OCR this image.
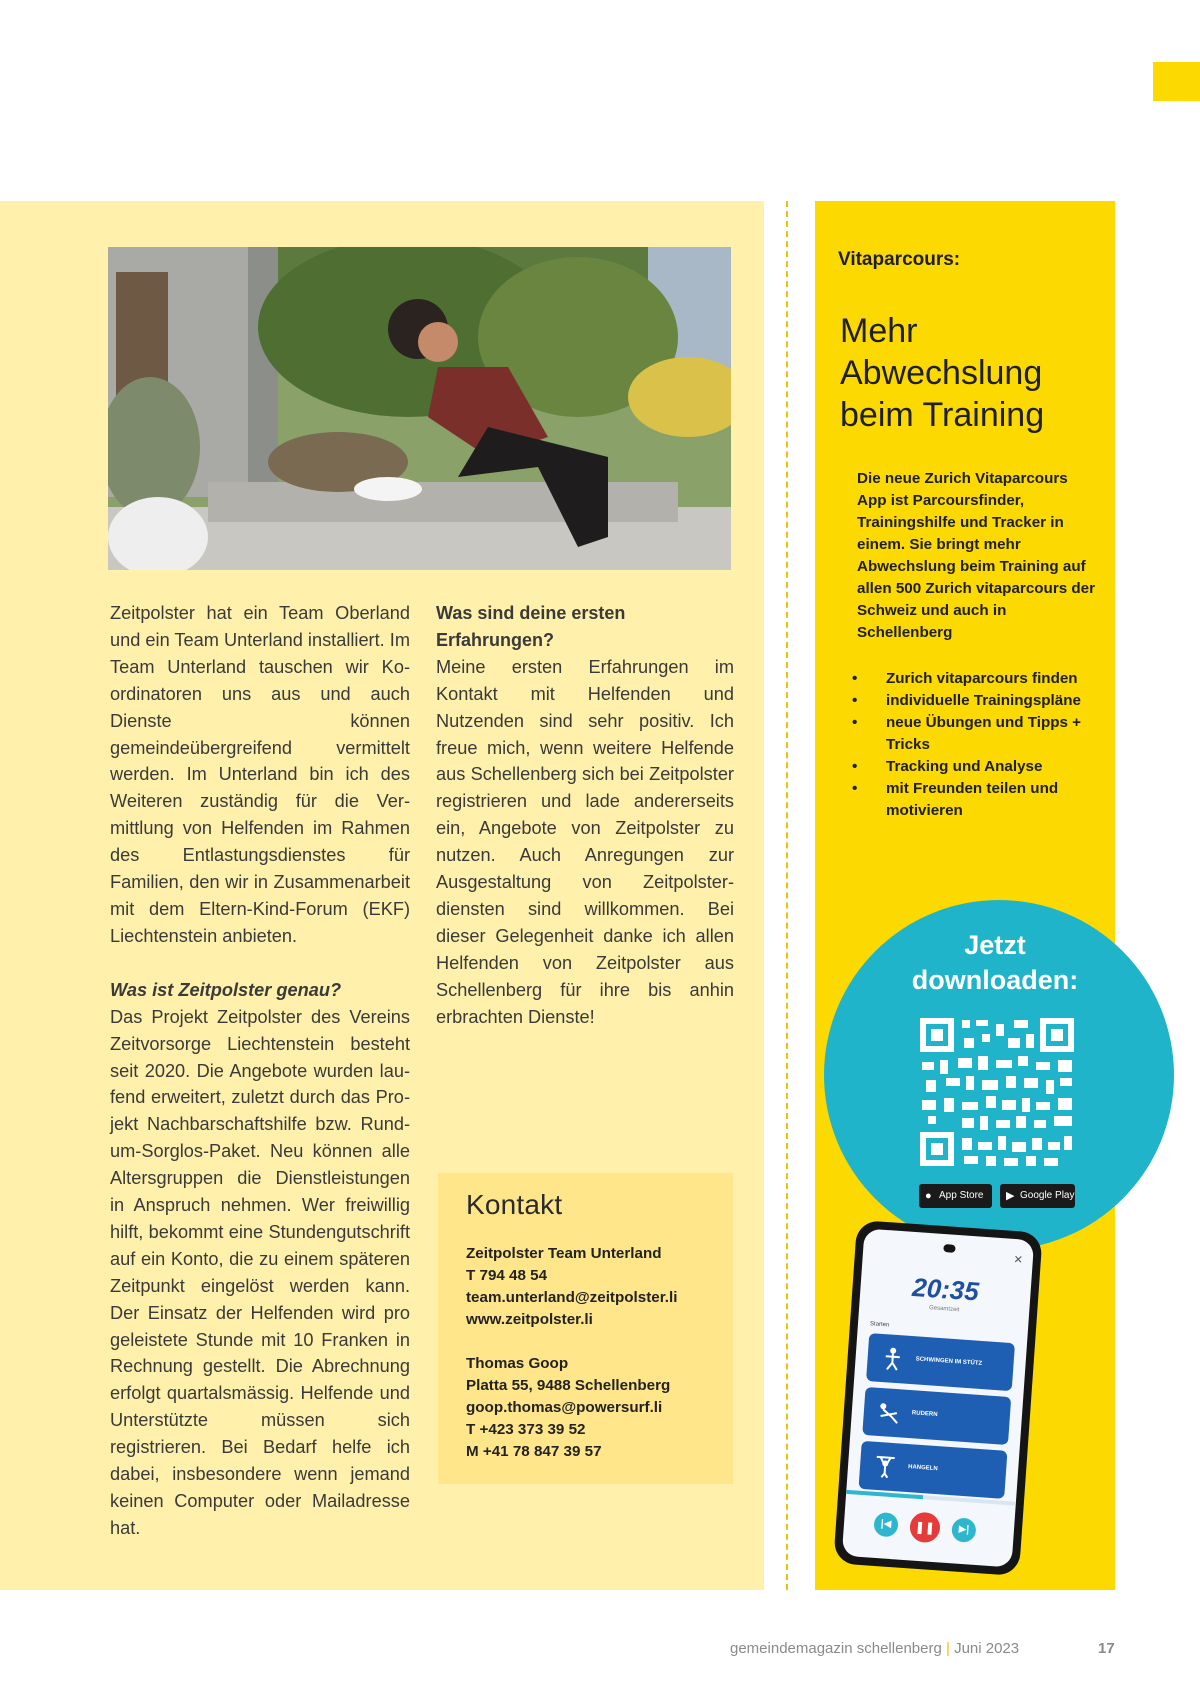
Zeitpolster hat ein Team Oberland und ein Team Unterland installiert. Im Team Unterland tauschen wir Koordinatoren uns aus und auch Dienste können gemeindeübergreifend vermittelt werden. Im Unterland bin ich des Weiteren zuständig für die Vermittlung von Helfenden im Rahmen des Entlastungsdienstes für Familien, den wir in Zusammenarbeit mit dem Eltern-Kind-Forum (EKF) Liechtenstein anbieten.

Was ist Zeitpolster genau?

Das Projekt Zeitpolster des Vereins Zeitvorsorge Liechtenstein besteht seit 2020. Die Angebote wurden laufend erweitert, zuletzt durch das Projekt Nachbarschaftshilfe bzw. Rundum-Sorglos-Paket. Neu können alle Altersgruppen die Dienstleistungen in Anspruch nehmen. Wer freiwillig hilft, bekommt eine Stundengutschrift auf ein Konto, die zu einem späteren Zeitpunkt eingelöst werden kann. Der Einsatz der Helfenden wird pro geleistete Stunde mit 10 Franken in Rechnung gestellt. Die Abrechnung erfolgt quartalsmässig. Helfende und Unterstützte müssen sich registrieren. Bei Bedarf helfe ich dabei, insbesondere wenn jemand keinen Computer oder Mailadresse hat.

Was sind deine ersten Erfahrungen?

Meine ersten Erfahrungen im Kontakt mit Helfenden und Nutzenden sind sehr positiv. Ich freue mich, wenn weitere Helfende aus Schellenberg sich bei Zeitpolster registrieren und lade andererseits ein, Angebote von Zeitpolster zu nutzen. Auch Anregungen zur Ausgestaltung von Zeitpolsterdiensten sind willkommen. Bei dieser Gelegenheit danke ich allen Helfenden von Zeitpolster aus Schellenberg für ihre bis anhin erbrachten Dienste!

Kontakt
Zeitpolster Team Unterland
T 794 48 54
team.unterland@zeitpolster.li
www.zeitpolster.li
Thomas Goop
Platta 55, 9488 Schellenberg
goop.thomas@powersurf.li
T +423 373 39 52
M +41 78 847 39 57
Vitaparcours:
Mehr Abwechslung beim Training
Die neue Zurich Vitaparcours App ist Parcoursfinder, Trainingshilfe und Tracker in einem. Sie bringt mehr Abwechslung beim Training auf allen 500 Zurich vitaparcours der Schweiz und auch in Schellenberg
• Zurich vitaparcours finden
• individuelle Trainingspläne
• neue Übungen und Tipps + Tricks
• Tracking und Analyse
• mit Freunden teilen und motivieren
Jetzt
downloaden:
● App Store	▶ Google Play
✕
20:35
Gesamtzeit
Starten
SCHWINGEN IM STÜTZ
RUDERN
HANGELN
|◀	❚❚	▶|
gemeindemagazin schellenberg | Juni 2023	17
